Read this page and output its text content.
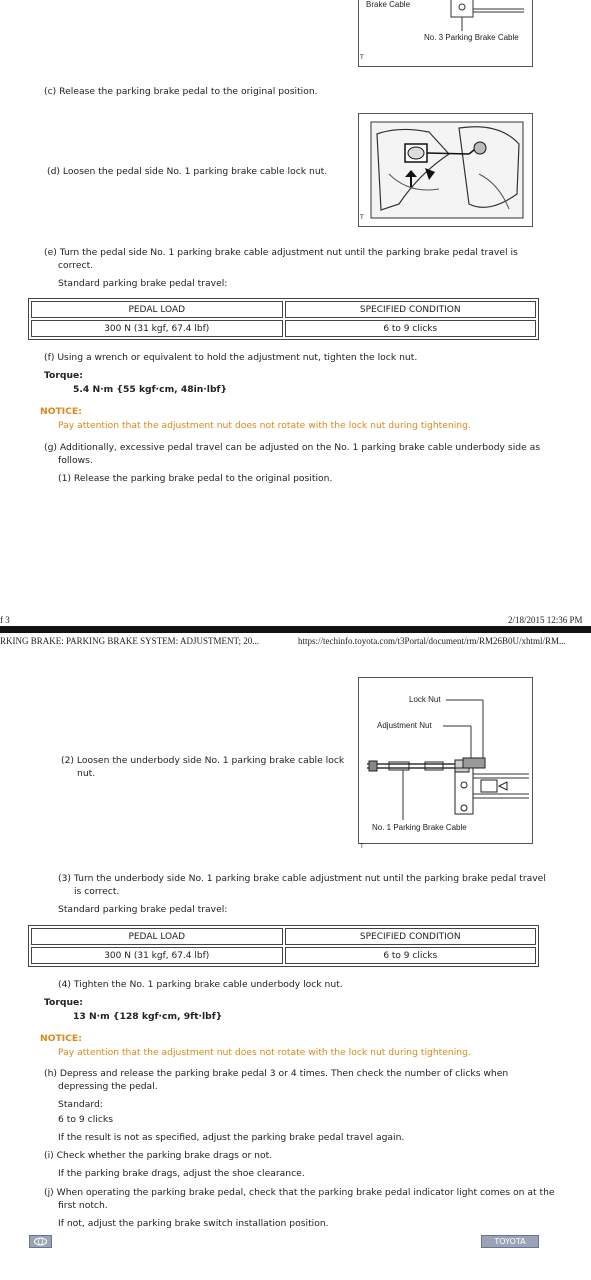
Brake Cable
No. 3 Parking Brake Cable
T
(c) Release the parking brake pedal to the original position.
T
(d) Loosen the pedal side No. 1 parking brake cable lock nut.
(e) Turn the pedal side No. 1 parking brake cable adjustment nut until the parking brake pedal travel is
correct.
Standard parking brake pedal travel:
PEDAL LOAD	SPECIFIED CONDITION
300 N (31 kgf, 67.4 lbf)	6 to 9 clicks
(f) Using a wrench or equivalent to hold the adjustment nut, tighten the lock nut.
Torque:
5.4 N·m {55 kgf·cm, 48in·lbf}
NOTICE:
Pay attention that the adjustment nut does not rotate with the lock nut during tightening.
(g) Additionally, excessive pedal travel can be adjusted on the No. 1 parking brake cable underbody side as
follows.
(1) Release the parking brake pedal to the original position.
f 3	2/18/2015 12:36 PM
RKING BRAKE: PARKING BRAKE SYSTEM: ADJUSTMENT; 20...	https://techinfo.toyota.com/t3Portal/document/rm/RM26B0U/xhtml/RM...
Lock Nut
Adjustment Nut
No. 1 Parking Brake Cable
T
(2) Loosen the underbody side No. 1 parking brake cable lock
nut.
(3) Turn the underbody side No. 1 parking brake cable adjustment nut until the parking brake pedal travel
is correct.
Standard parking brake pedal travel:
PEDAL LOAD	SPECIFIED CONDITION
300 N (31 kgf, 67.4 lbf)	6 to 9 clicks
(4) Tighten the No. 1 parking brake cable underbody lock nut.
Torque:
13 N·m {128 kgf·cm, 9ft·lbf}
NOTICE:
Pay attention that the adjustment nut does not rotate with the lock nut during tightening.
(h) Depress and release the parking brake pedal 3 or 4 times. Then check the number of clicks when
depressing the pedal.
Standard:
6 to 9 clicks
If the result is not as specified, adjust the parking brake pedal travel again.
(i) Check whether the parking brake drags or not.
If the parking brake drags, adjust the shoe clearance.
(j) When operating the parking brake pedal, check that the parking brake pedal indicator light comes on at the
first notch.
If not, adjust the parking brake switch installation position.
TOYOTA
